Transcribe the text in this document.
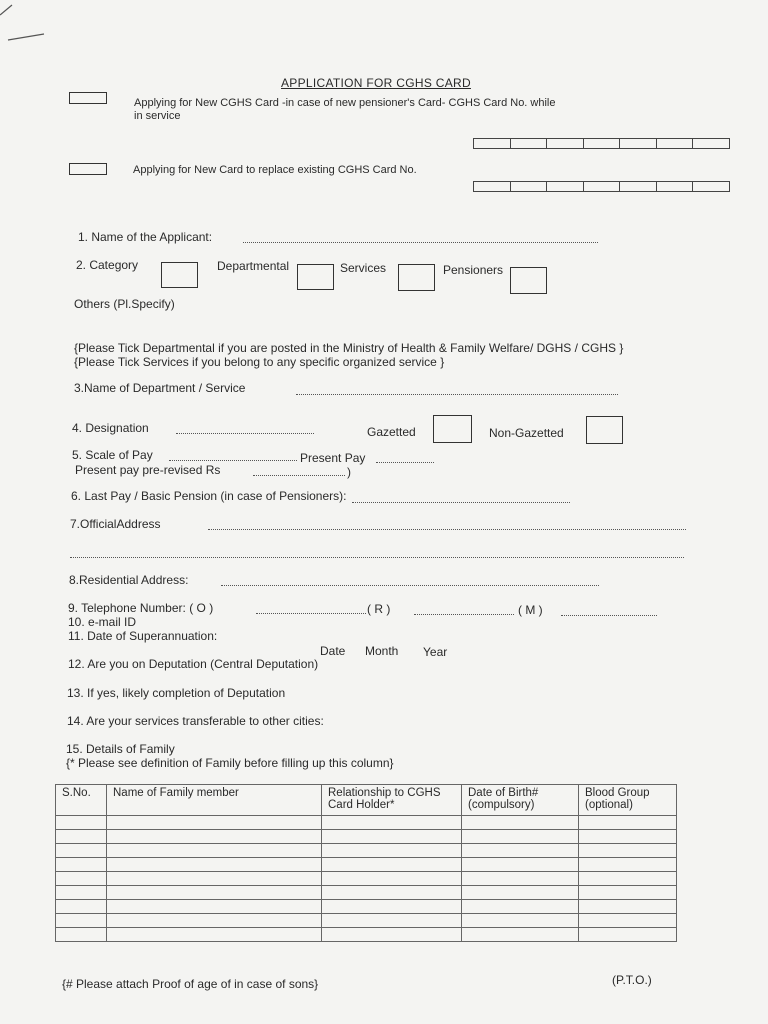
APPLICATION FOR CGHS CARD
Applying for New CGHS Card -in case of new pensioner's Card- CGHS Card No. while
in service
Applying for New Card to replace existing CGHS Card No.
1. Name of the Applicant:
2. Category	Departmental	Services	Pensioners
Others (Pl.Specify)
{Please Tick Departmental if you are posted in the Ministry of Health & Family Welfare/ DGHS / CGHS }
{Please Tick Services if you belong to any specific organized service }
3.Name of Department / Service
4. Designation	Gazetted	Non-Gazetted
5. Scale of Pay	Present Pay
Present pay pre-revised Rs	)
6. Last Pay / Basic Pension (in case of Pensioners):
7.OfficialAddress
8.Residential Address:
9. Telephone Number: ( O )	( R )	( M )
10. e-mail ID
11. Date of Superannuation:
Date Month Year
12. Are you on Deputation (Central Deputation)
13. If yes, likely completion of Deputation
14. Are your services transferable to other cities:
15. Details of Family
{* Please see definition of Family before filling up this column}
S.No.	Name of Family member	Relationship to CGHS Card Holder*	Date of Birth# (compulsory)	Blood Group (optional)

{# Please attach Proof of age of in case of sons}	(P.T.O.)
